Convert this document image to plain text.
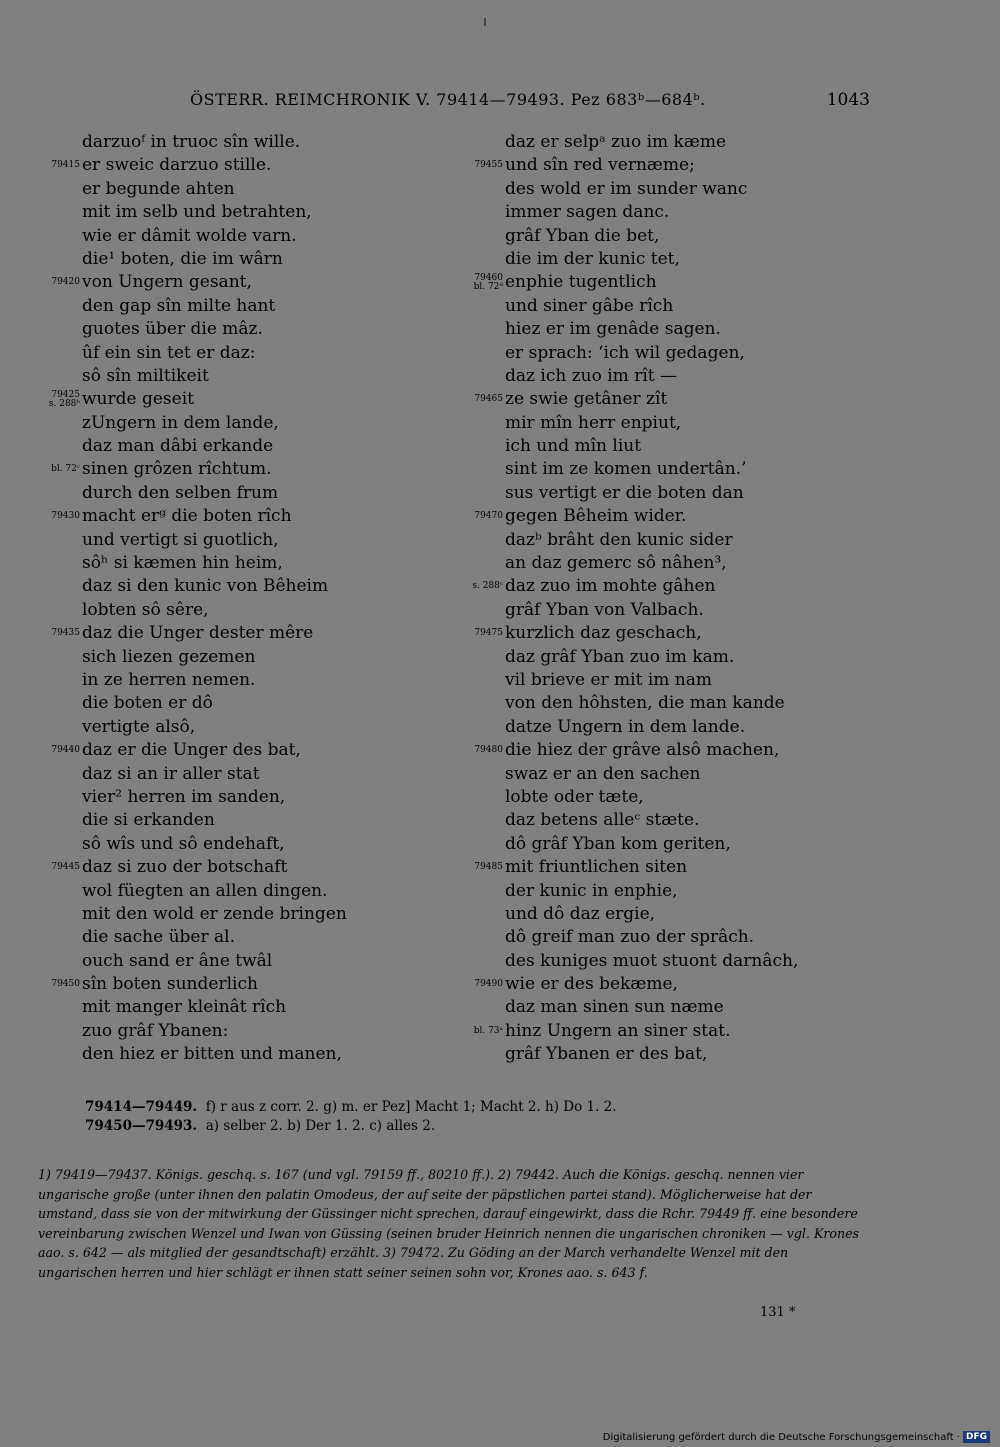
ÖSTERR. REIMCHRONIK V. 79414—79493. Pez 683ᵇ—684ᵇ.	1043
darzuoᶠ in truoc sîn wille.
79415 er sweic darzuo stille.
er begunde ahten
mit im selb und betrahten,
wie er dâmit wolde varn.
die¹ boten, die im wârn
79420 von Ungern gesant,
den gap sîn milte hant
guotes über die mâz.
ûf ein sin tet er daz:
sô sîn miltikeit
79425
s. 288ᵇ wurde geseit
zUngern in dem lande,
daz man dâbi erkande
bl. 72ᶜ sinen grôzen rîchtum.
durch den selben frum
79430 macht erᵍ die boten rîch
und vertigt si guotlich,
sôʰ si kæmen hin heim,
daz si den kunic von Bêheim
lobten sô sêre,
79435 daz die Unger dester mêre
sich liezen gezemen
in ze herren nemen.
die boten er dô
vertigte alsô,
79440 daz er die Unger des bat,
daz si an ir aller stat
vier² herren im sanden,
die si erkanden
sô wîs und sô endehaft,
79445 daz si zuo der botschaft
wol füegten an allen dingen.
mit den wold er zende bringen
die sache über al.
ouch sand er âne twâl
79450 sîn boten sunderlich
mit manger kleinât rîch
zuo grâf Ybanen:
den hiez er bitten und manen,
daz er selpᵃ zuo im kæme
79455 und sîn red vernæme;
des wold er im sunder wanc
immer sagen danc.
grâf Yban die bet,
die im der kunic tet,
79460
bl. 72ᵈ enphie tugentlich
und siner gâbe rîch
hiez er im genâde sagen.
er sprach: ‘ich wil gedagen,
daz ich zuo im rît —
79465 ze swie getâner zît
mir mîn herr enpiut,
ich und mîn liut
sint im ze komen undertân.’
sus vertigt er die boten dan
79470 gegen Bêheim wider.
dazᵇ brâht den kunic sider
an daz gemerc sô nâhen³,
s. 288ᶜ daz zuo im mohte gâhen
grâf Yban von Valbach.
79475 kurzlich daz geschach,
daz grâf Yban zuo im kam.
vil brieve er mit im nam
von den hôhsten, die man kande
datze Ungern in dem lande.
79480 die hiez der grâve alsô machen,
swaz er an den sachen
lobte oder tæte,
daz betens alleᶜ stæte.
dô grâf Yban kom geriten,
79485 mit friuntlichen siten
der kunic in enphie,
und dô daz ergie,
dô greif man zuo der sprâch.
des kuniges muot stuont darnâch,
79490 wie er des bekæme,
daz man sinen sun næme
bl. 73ᵃ hinz Ungern an siner stat.
grâf Ybanen er des bat,
79414—79449. f) r aus z corr. 2. g) m. er Pez] Macht 1; Macht 2. h) Do 1. 2.
79450—79493. a) selber 2. b) Der 1. 2. c) alles 2.

1) 79419—79437. Königs. geschq. s. 167 (und vgl. 79159 ff., 80210 ff.). 2) 79442. Auch die Königs. geschq. nennen vier ungarische große (unter ihnen den palatin Omodeus, der auf seite der päpstlichen partei stand). Möglicherweise hat der umstand, dass sie von der mitwirkung der Güssinger nicht sprechen, darauf eingewirkt, dass die Rchr. 79449 ff. eine besondere vereinbarung zwischen Wenzel und Iwan von Güssing (seinen bruder Heinrich nennen die ungarischen chroniken — vgl. Krones aao. s. 642 — als mitglied der gesandtschaft) erzählt. 3) 79472. Zu Göding an der March verhandelte Wenzel mit den ungarischen herren und hier schlägt er ihnen statt seiner seinen sohn vor, Krones aao. s. 643 f.

131 *
Digitalisierung gefördert durch die Deutsche Forschungsgemeinschaft · DFG
